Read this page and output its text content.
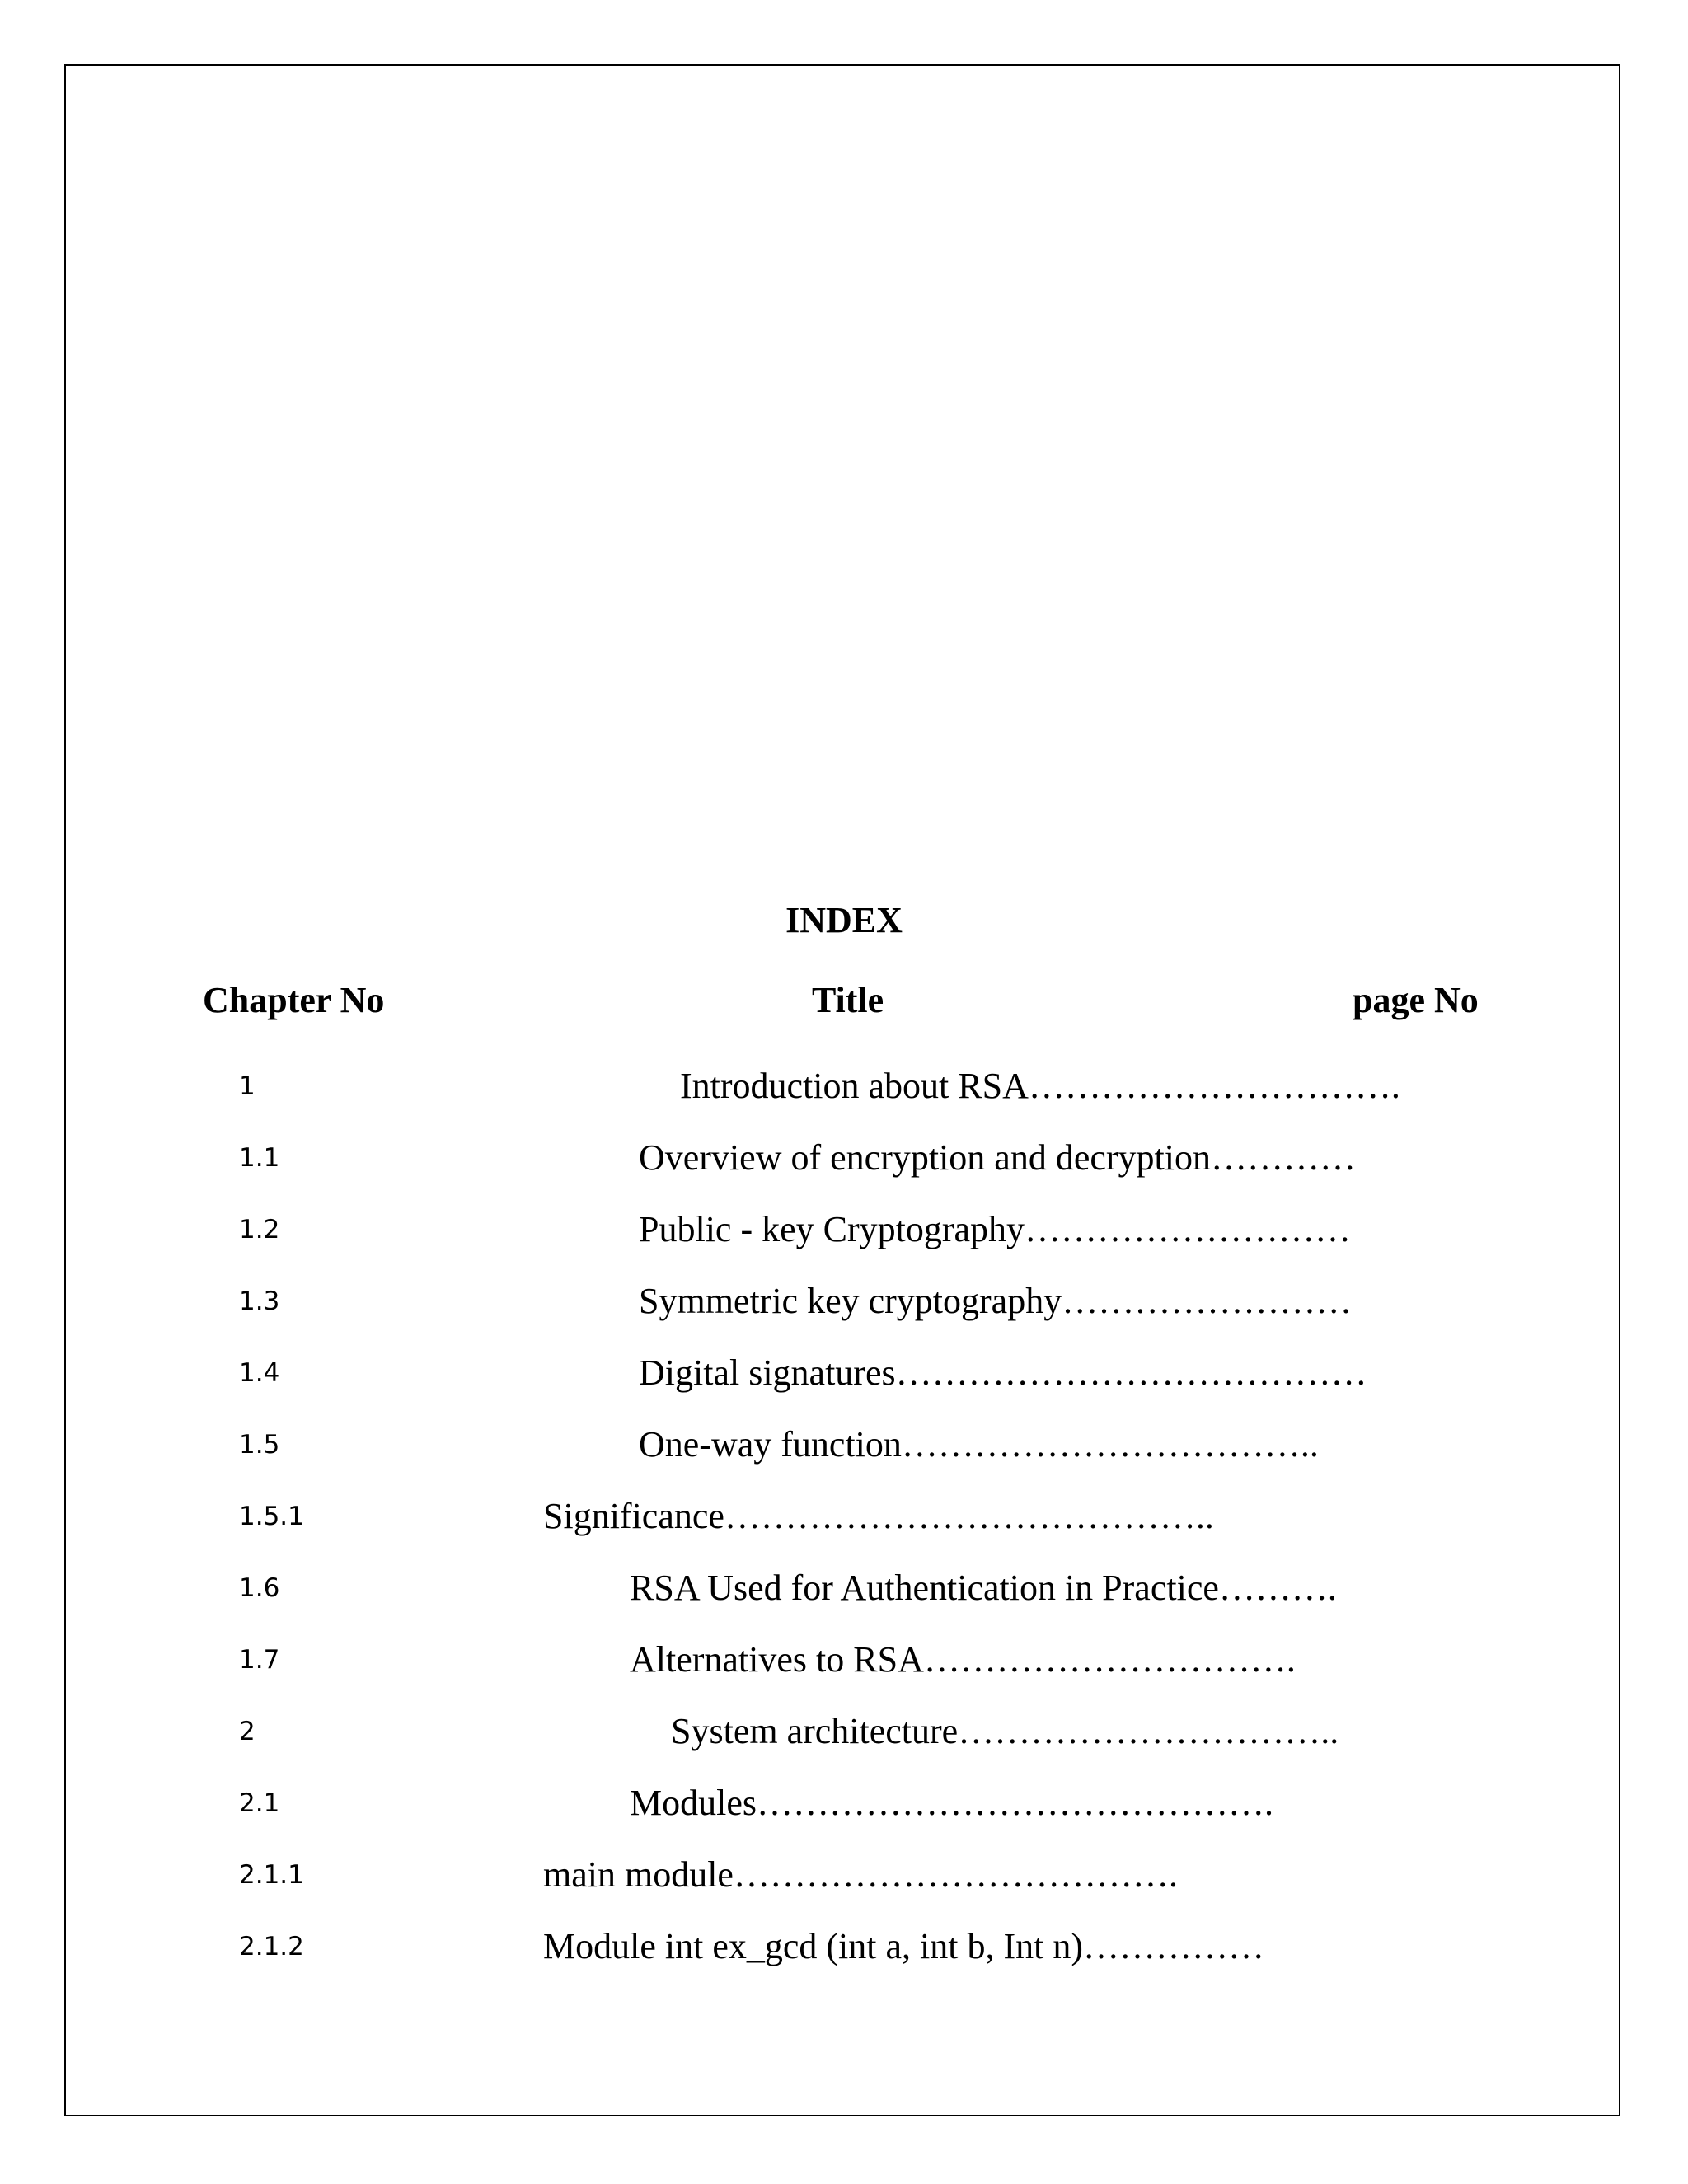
INDEX
Chapter No	Title	page No
1	Introduction about RSA………………………….
1.1	Overview of encryption and decryption…………
1.2	Public - key Cryptography………………………
1.3	Symmetric key cryptography……………………
1.4	Digital signatures…………………………………
1.5	One-way function……………………………..
1.5.1	Significance…………………………………..
1.6	RSA Used for Authentication in Practice……….
1.7	Alternatives to RSA………………………….
2	System architecture…………………………..
2.1	Modules…………………………………….
2.1.1	main module……………………………….
2.1.2	Module int ex_gcd (int a, int b, Int n)……………
